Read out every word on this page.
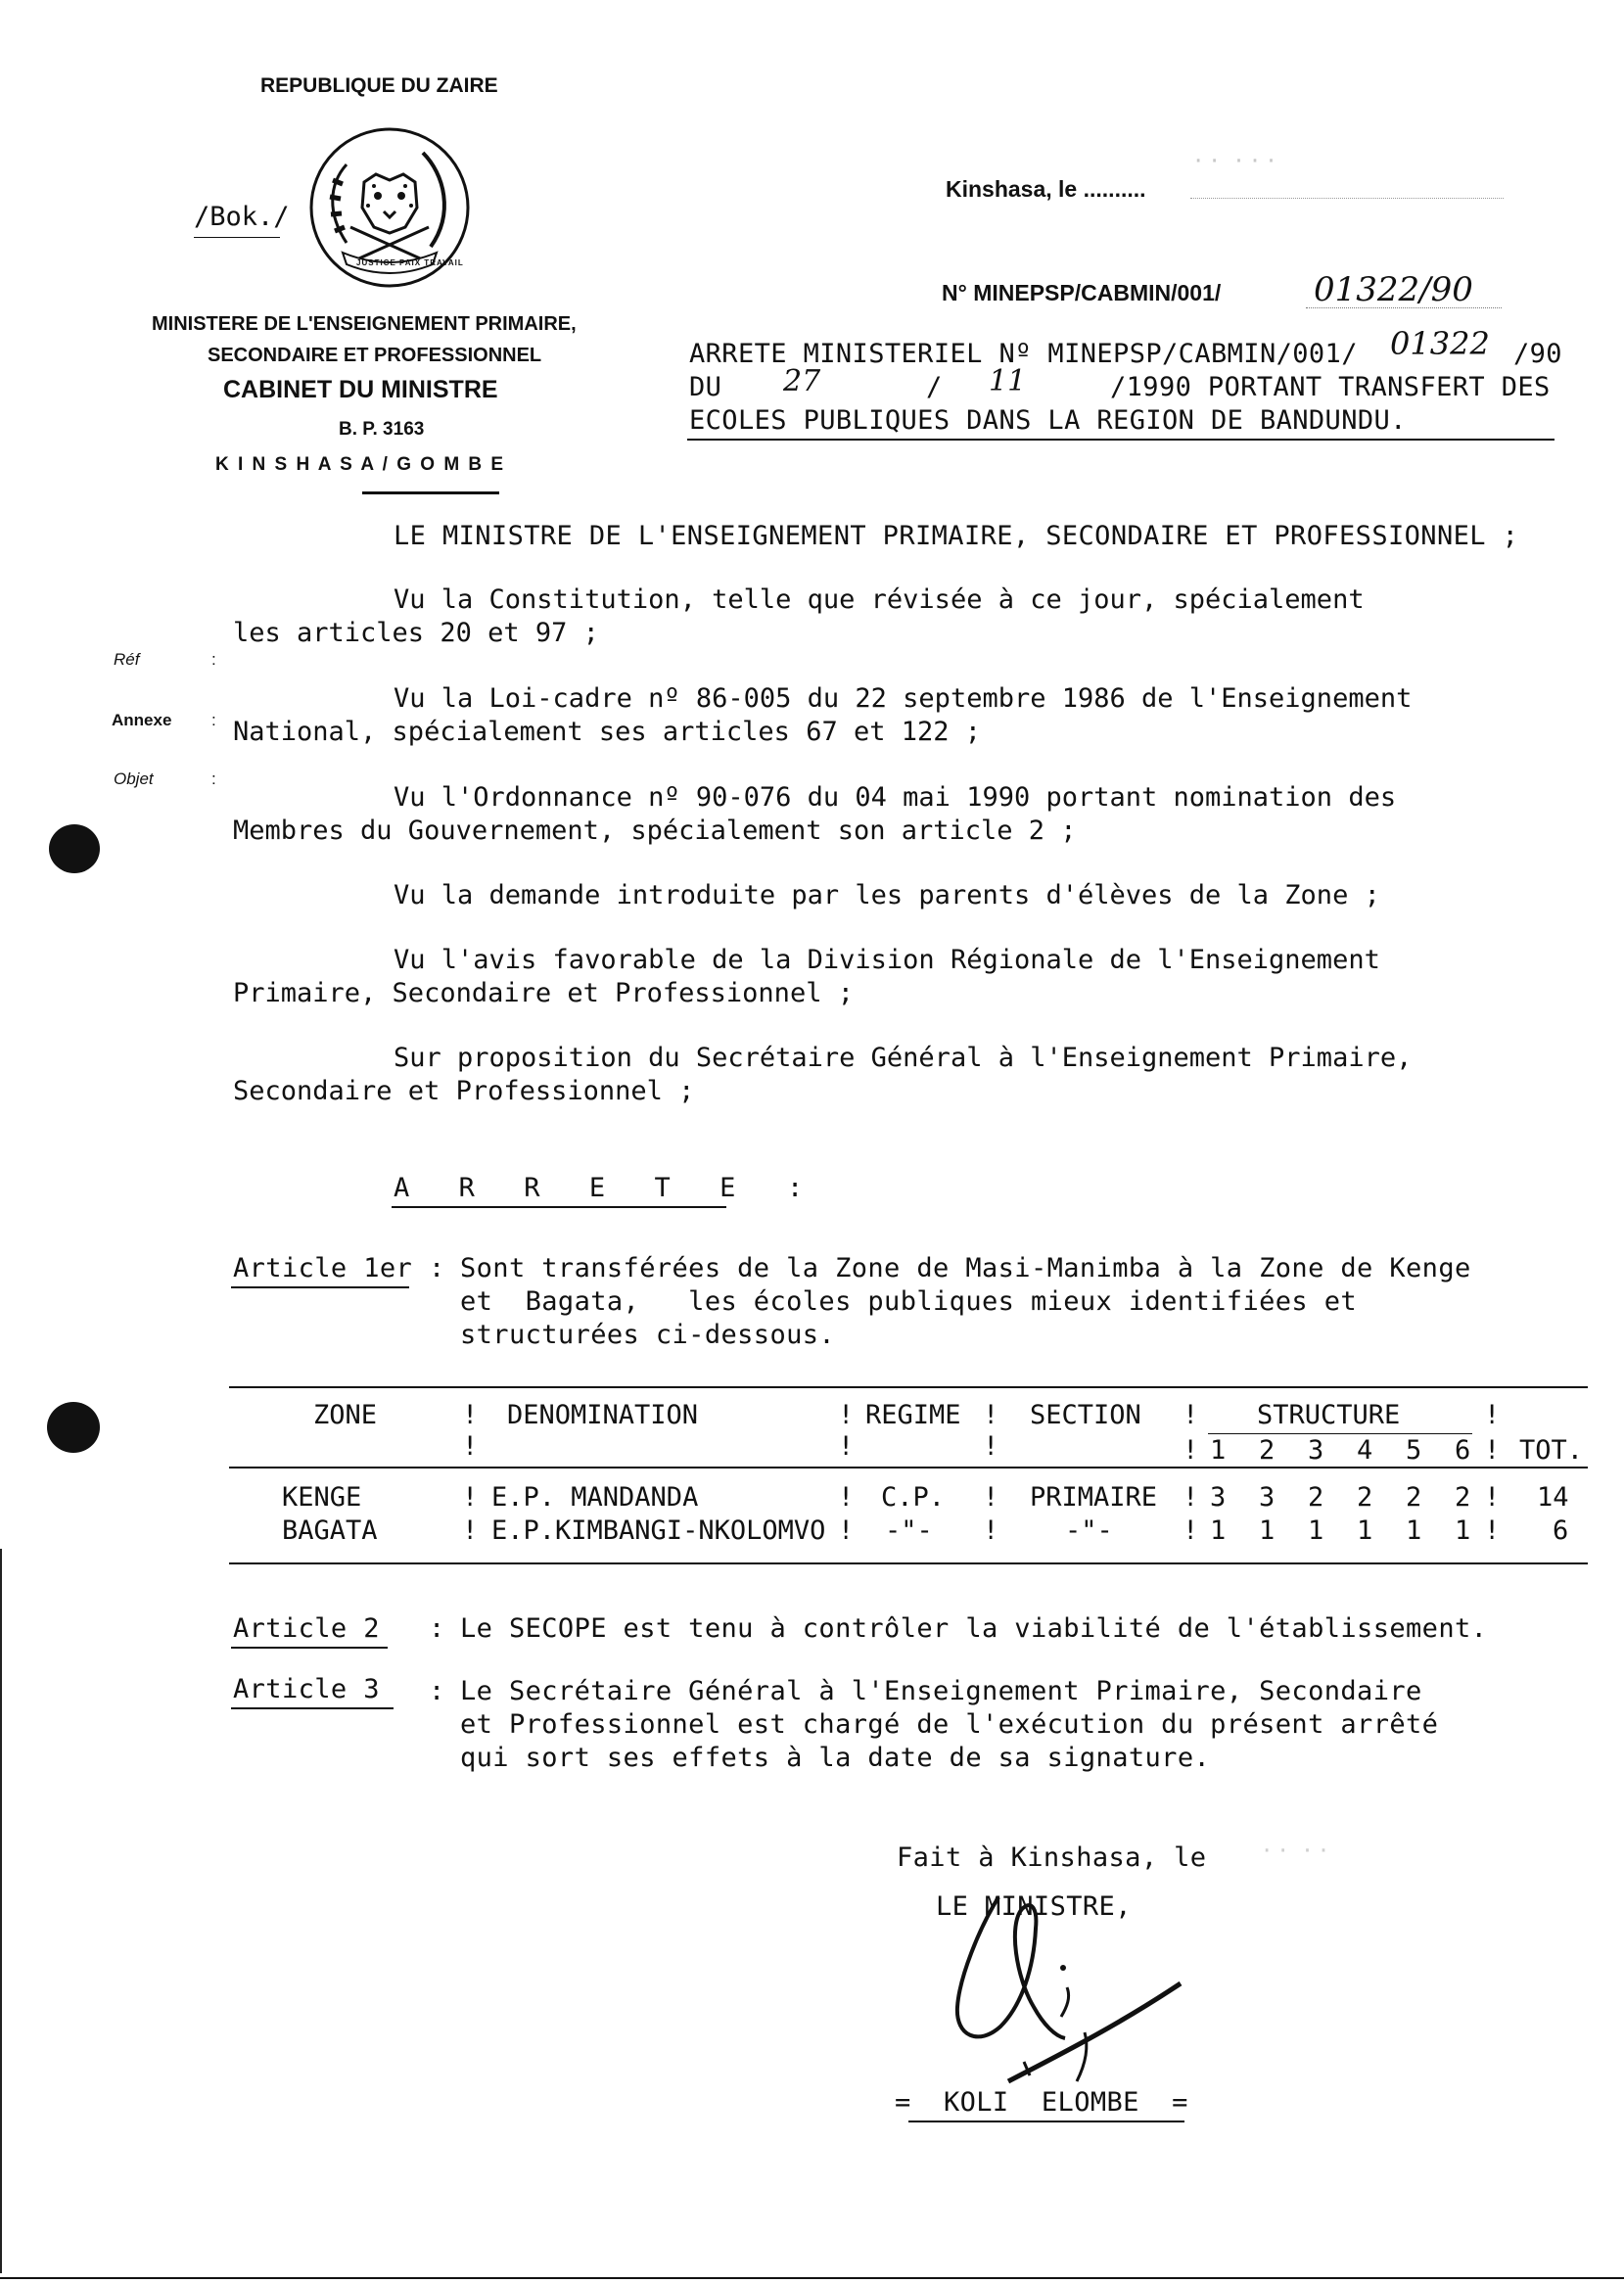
REPUBLIQUE DU ZAIRE
JUSTICE PAIX TRAVAIL
/Bok./
MINISTERE DE L'ENSEIGNEMENT PRIMAIRE,
SECONDAIRE ET PROFESSIONNEL
CABINET DU MINISTRE
B. P. 3163
K I N S H A S A / G O M B E
Kinshasa, le ..........
· ·  · · ·
N° MINEPSP/CABMIN/001/	01322/90
ARRETE MINISTERIEL Nº MINEPSP/CABMIN/001/ 01322 /90
DU 27	/ 11	/1990 PORTANT TRANSFERT DES
ECOLES PUBLIQUES DANS LA REGION DE BANDUNDU.
LE MINISTRE DE L'ENSEIGNEMENT PRIMAIRE, SECONDAIRE ET PROFESSIONNEL ;
Réf	:
Annexe :
Objet	:
Vu la Constitution, telle que révisée à ce jour, spécialement
les articles 20 et 97 ;
Vu la Loi-cadre nº 86-005 du 22 septembre 1986 de l'Enseignement
National, spécialement ses articles 67 et 122 ;
Vu l'Ordonnance nº 90-076 du 04 mai 1990 portant nomination des
Membres du Gouvernement, spécialement son article 2 ;
Vu la demande introduite par les parents d'élèves de la Zone ;
Vu l'avis favorable de la Division Régionale de l'Enseignement
Primaire, Secondaire et Professionnel ;
Sur proposition du Secrétaire Général à l'Enseignement Primaire,
Secondaire et Professionnel ;
A   R   R   E   T   E :
Article 1er : Sont transférées de la Zone de Masi-Manimba à la Zone de Kenge
et  Bagata,   les écoles publiques mieux identifiées et
structurées ci-dessous.
ZONE	DENOMINATION	REGIME	SECTION	STRUCTURE
1 2 3 4 5 6 TOT.
!
!
!
!
!
!
!
!
!
!
KENGE	! E.P. MANDANDA	! C.P. ! PRIMAIRE ! 3 3 2 2 2 2 ! 14
BAGATA	! E.P.KIMBANGI-NKOLOMVO ! -"- !	-"-	! 1 1 1 1 1 1 ! 6
Article 2 : Le SECOPE est tenu à contrôler la viabilité de l'établissement.
Article 3 : Le Secrétaire Général à l'Enseignement Primaire, Secondaire
et Professionnel est chargé de l'exécution du présent arrêté
qui sort ses effets à la date de sa signature.
Fait à Kinshasa, le · ·  · ·
LE MINISTRE,
=  KOLI  ELOMBE  =
